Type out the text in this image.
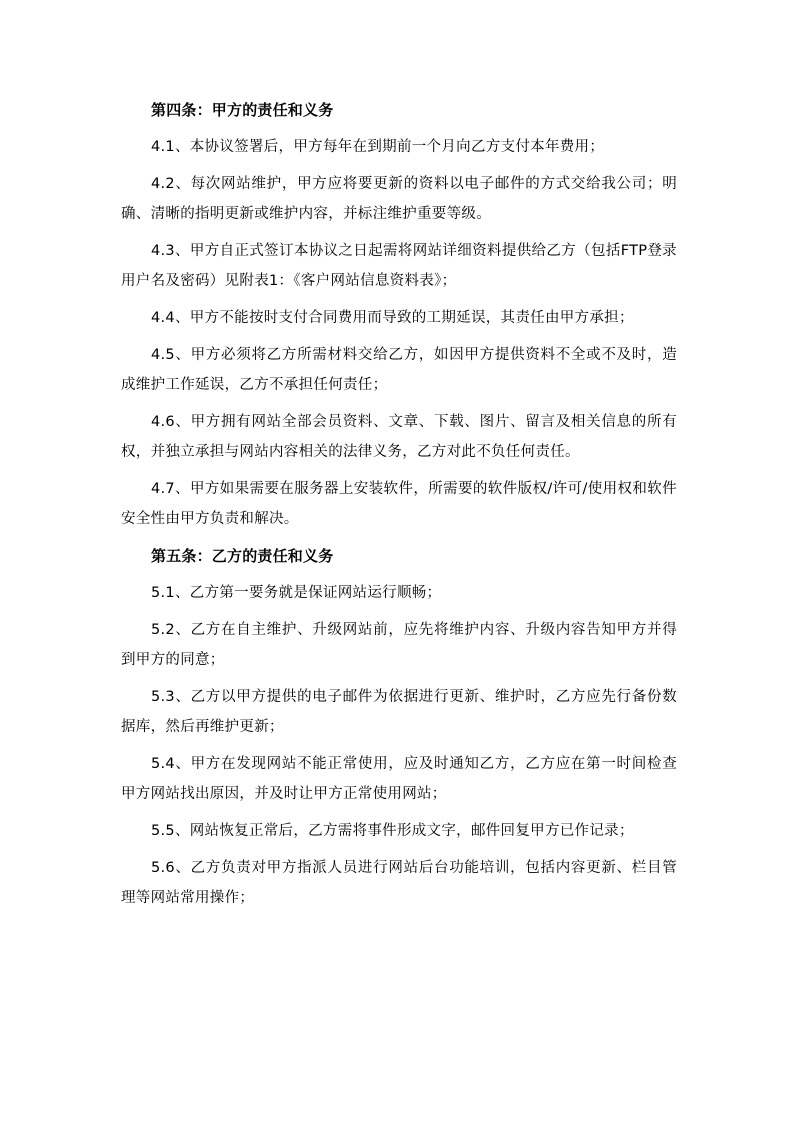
第四条：甲方的责任和义务
4.1、本协议签署后，甲方每年在到期前一个月向乙方支付本年费用；
4.2、每次网站维护，甲方应将要更新的资料以电子邮件的方式交给我公司；明确、清晰的指明更新或维护内容，并标注维护重要等级。
4.3、甲方自正式签订本协议之日起需将网站详细资料提供给乙方（包括FTP登录用户名及密码）见附表1：《客户网站信息资料表》；
4.4、甲方不能按时支付合同费用而导致的工期延误，其责任由甲方承担；
4.5、甲方必须将乙方所需材料交给乙方，如因甲方提供资料不全或不及时，造成维护工作延误，乙方不承担任何责任；
4.6、甲方拥有网站全部会员资料、文章、下载、图片、留言及相关信息的所有权，并独立承担与网站内容相关的法律义务，乙方对此不负任何责任。
4.7、甲方如果需要在服务器上安装软件，所需要的软件版权/许可/使用权和软件安全性由甲方负责和解决。
第五条：乙方的责任和义务
5.1、乙方第一要务就是保证网站运行顺畅；
5.2、乙方在自主维护、升级网站前，应先将维护内容、升级内容告知甲方并得到甲方的同意；
5.3、乙方以甲方提供的电子邮件为依据进行更新、维护时，乙方应先行备份数据库，然后再维护更新；
5.4、甲方在发现网站不能正常使用，应及时通知乙方，乙方应在第一时间检查甲方网站找出原因，并及时让甲方正常使用网站；
5.5、网站恢复正常后，乙方需将事件形成文字，邮件回复甲方已作记录；
5.6、乙方负责对甲方指派人员进行网站后台功能培训，包括内容更新、栏目管理等网站常用操作；
